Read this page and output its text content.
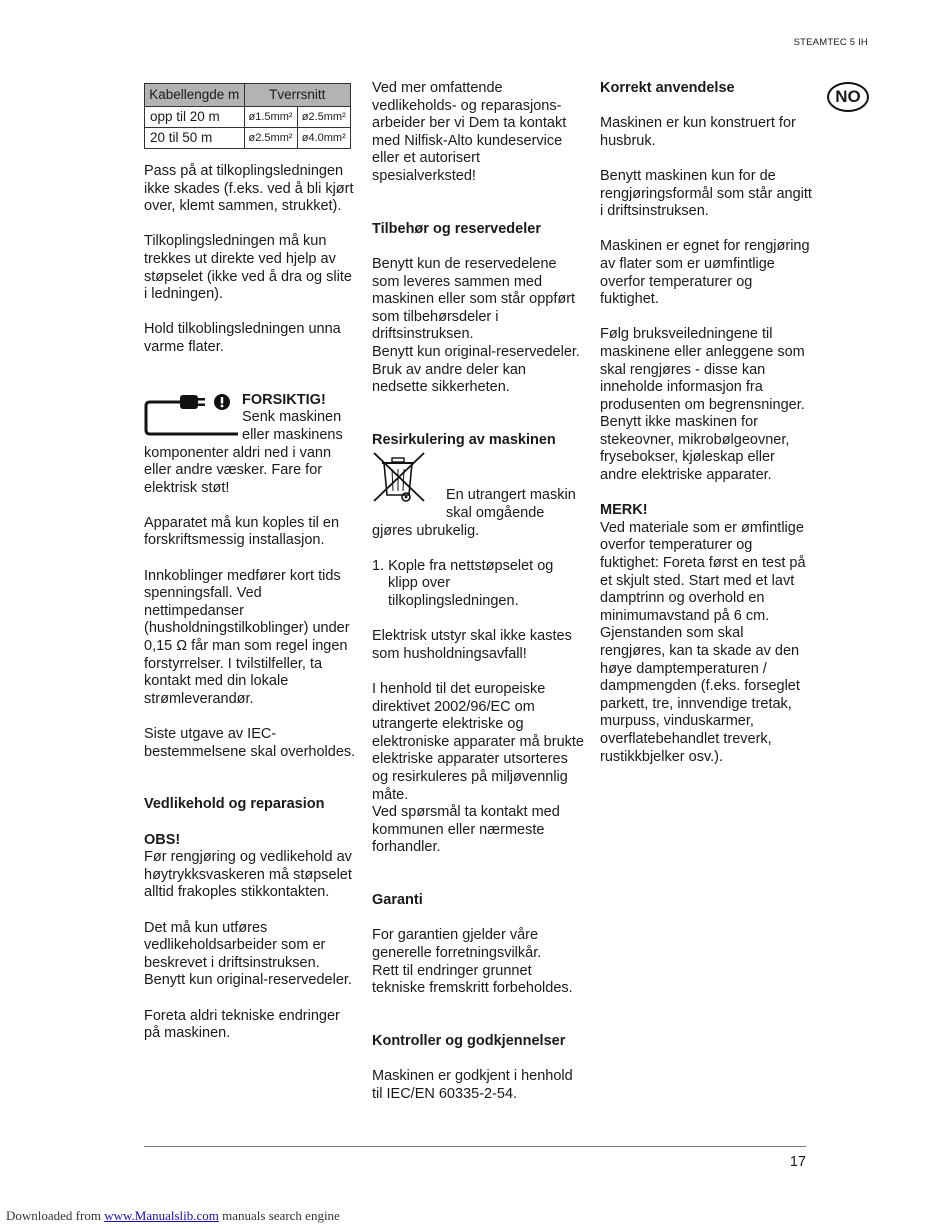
STEAMTEC 5 IH
NO
Kabellengde m	Tverrsnitt	
opp til 20 m	ø1.5mm²	ø2.5mm²
20 til 50 m	ø2.5mm²	ø4.0mm²

Pass på at tilkoplingsledningen ikke skades (f.eks. ved å bli kjørt over, klemt sammen, strukket).

Tilkoplingsledningen må kun trekkes ut direkte ved hjelp av støpselet (ikke ved å dra og slite i ledningen).

Hold tilkoblingsledningen unna varme flater.

FORSIKTIG!
Senk maskinen eller maskinens komponenter aldri ned i vann eller andre væsker. Fare for elektrisk støt!

Apparatet må kun koples til en forskriftsmessig installasjon.

Innkoblinger medfører kort tids spenningsfall. Ved nettimpedanser (husholdningstilkoblinger) under 0,15 Ω får man som regel ingen forstyrrelser. I tvilstilfeller, ta kontakt med din lokale strømleverandør.

Siste utgave av IEC-bestemmelsene skal overholdes.

Vedlikehold og reparasion
OBS!
Før rengjøring og vedlikehold av høytrykksvaskeren må støpselet alltid frakoples stikkontakten.

Det må kun utføres vedlikeholdsarbeider som er beskrevet i driftsinstruksen. Benytt kun original-reservedeler.

Foreta aldri tekniske endringer på maskinen.

Ved mer omfattende vedlikeholds- og reparasjons-arbeider ber vi Dem ta kontakt med Nilfisk-Alto kundeservice eller et autorisert spesialverksted!

Tilbehør og reservedeler

Benytt kun de reservedelene som leveres sammen med maskinen eller som står oppført som tilbehørsdeler i driftsinstruksen.

Benytt kun original-reservedeler. Bruk av andre deler kan nedsette sikkerheten.

Resirkulering av maskinen
En utrangert maskin skal omgående gjøres ubrukelig.
1. Kople fra nettstøpselet og klipp over tilkoplingsledningen.

Elektrisk utstyr skal ikke kastes som husholdningsavfall!

I henhold til det europeiske direktivet 2002/96/EC om utrangerte elektriske og elektroniske apparater må brukte elektriske apparater utsorteres og resirkuleres på miljøvennlig måte.

Ved spørsmål ta kontakt med kommunen eller nærmeste forhandler.

Garanti

For garantien gjelder våre generelle forretningsvilkår.

Rett til endringer grunnet tekniske fremskritt forbeholdes.

Kontroller og godkjennelser

Maskinen er godkjent i henhold til IEC/EN 60335-2-54.

Korrekt anvendelse

Maskinen er kun konstruert for husbruk.

Benytt maskinen kun for de rengjøringsformål som står angitt i driftsinstruksen.

Maskinen er egnet for rengjøring av flater som er uømfintlige overfor temperaturer og fuktighet.

Følg bruksveiledningene til maskinene eller anleggene som skal rengjøres - disse kan inneholde informasjon fra produsenten om begrensninger. Benytt ikke maskinen for stekeovner, mikrobølgeovner, frysebokser, kjøleskap eller andre elektriske apparater.

MERK!
Ved materiale som er ømfintlige overfor temperaturer og fuktighet: Foreta først en test på et skjult sted. Start med et lavt damptrinn og overhold en minimumavstand på 6 cm. Gjenstanden som skal rengjøres, kan ta skade av den høye damptemperaturen / dampmengden (f.eks. forseglet parkett, tre, innvendige tretak, murpuss, vinduskarmer, overflatebehandlet treverk, rustikkbjelker osv.).
17
Downloaded from www.Manualslib.com manuals search engine
